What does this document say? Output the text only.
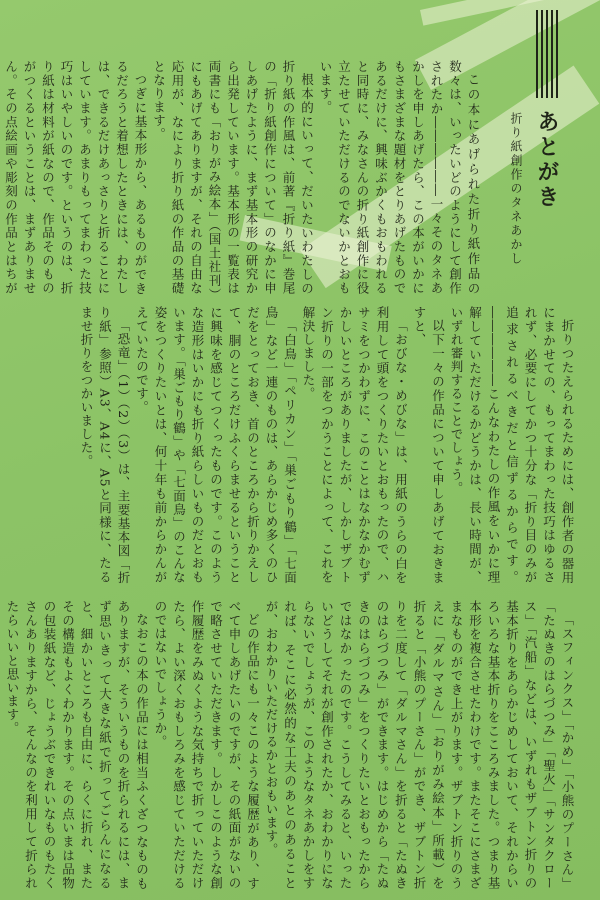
あとがき
折り紙創作のタネあかし

この本にあげられた折り紙作品の数々は、いったいどのようにして創作されたか――――――一々そのタネあかしを申しあげたら、この本がいかにもさまざまな題材をとりあげたものであるだけに、興味ぶかくもおもわれると同時に、みなさんの折り紙創作に役立たせていただけるのでないかとおもいます。

根本的にいって、だいたいわたしの折り紙の作風は、前著『折り紙』巻尾の「折り紙創作について」のなかに申しあげたように、まず基本形の研究から出発しています。基本形の一覧表は両書にも「おりがみ絵本」（国土社刊）にもあげてありますが、それの自由な応用が、なにより折り紙の作品の基礎となります。

つぎに基本形から、あるものができるだろうと着想したときには、わたしは、できるだけあっさりと折ることにしています。あまりもってまわった技巧はいやしいのです。というのは、折り紙は材料が紙なので、作品そのものがつくるということは、まずありません。その点絵画や彫刻の作品とはちが

折りつたえられるためには、創作者の器用にまかせての、もってまわった技巧はゆるされず、必要にしてかつ十分な「折り目のみが追求されるべきだと信ずるからです。――――――こんなわたしの作風をいかに理解していただけるかどうかは、長い時間が、いずれ審判することでしょう。

以下一々の作品について申しあげておきますと、

「おびな・めびな」は、用紙のうらの白を利用して頭をつくりたいとおもったので、ハサミをつかわずに、このことはなかなかむずかしいところがありましたが、しかしザブトン折りの一部をつかうことによって、これを解決しました。

「白鳥」「ペリカン」「巣ごもり鶴」「七面鳥」など一連のものは、あらかじめ多くのひだをとっておき、首のところから折りかえして、胴のところだけふくらませるということに興味を感じてつくったものです。このような造形はいかにも折り紙らしいものだとおもいます。「巣ごもり鶴」や「七面鳥」のこんな姿をつくりたいとは、何十年も前からかんがえていたのです。

「恐竜」（1）（2）（3）は、主要基本図「折り紙」参照）A3、A4に、A5と同様に、たるませ折りをつかいました。

「スフィンクス」「かめ」「小熊のプーさん」「たぬきのはらづつみ」「聖火」「サンタクロース」「汽船」などは、いずれもザブトン折りの基本折りをあらかじめしておいて、それからいろいろな基本折りをこころみました。つまり基本形を複合させたわけです。またそこにさまざまなものができ上がります。ザブトン折りのうえに「ダルマさん」「おりがみ絵本」所載）を折ると「小熊のプーさん」ができ、ザブトン折りを二度して「ダルマさん」を折ると「たぬきのはらづつみ」ができます。はじめから「たぬきのはらづつみ」をつくりたいとおもったからではなかったのです。こうしてみると、いったいどうしてそれが創作されたか、おわかりにならないでしょうが、このようなタネあかしをすれば、そこに必然的な工夫のあとのあることが、おわかりいただけるかとおもいます。

どの作品にも一々このような履歴があり、すべて申しあげたいのですが、その紙面がないので略させていただきます。しかしこのような創作履歴をみぬくような気持ちで折っていただけたら、よい深くおもしろみを感じていただけるのではないでしょうか。

なおこの本の作品には相当ふくざつなものもありますが、そういうものを折られるには、まず思いきって大きな紙で折ってごらんになると、細かいところも自由に、らくに折れ、またその構造もよくわかります。その点いまは品物の包装紙など、じょうぶできれいなものもたくさんありますから、そんなのを利用して折られたらいいと思います。
